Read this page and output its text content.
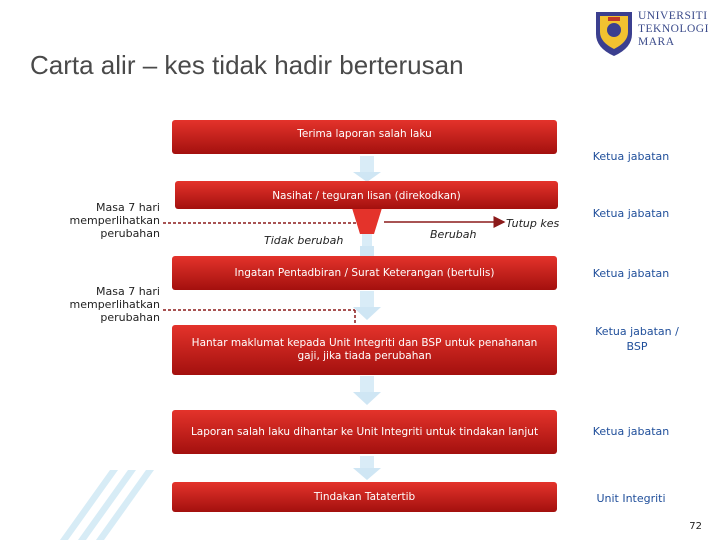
Carta alir – kes tidak hadir berterusan
UNIVERSITI
TEKNOLOGI
MARA
Terima laporan salah laku
Nasihat / teguran lisan (direkodkan)
Ingatan Pentadbiran / Surat Keterangan (bertulis)
Hantar maklumat kepada Unit Integriti dan BSP untuk penahanan gaji, jika tiada perubahan
Laporan salah laku dihantar ke Unit Integriti untuk tindakan lanjut
Tindakan Tatatertib
Tidak berubah	Berubah
Tutup kes
Masa 7 hari memperlihatkan perubahan
Masa 7 hari memperlihatkan perubahan
Ketua jabatan
Ketua jabatan
Ketua jabatan
Ketua jabatan / BSP
Ketua jabatan
Unit Integriti
72
